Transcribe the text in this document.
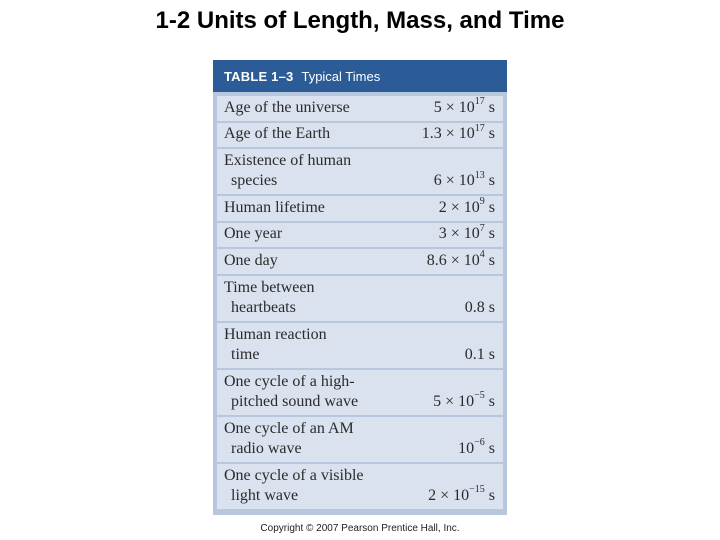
1-2 Units of Length, Mass, and Time
TABLE 1–3 Typical Times
Age of the universe	$5 \times 10^{17}$ s
Age of the Earth	$1.3 \times 10^{17}$ s
Existence of human
species	$6 \times 10^{13}$ s
Human lifetime	$2 \times 10^9$ s
One year	$3 \times 10^7$ s
One day	$8.6 \times 10^4$ s
Time between
heartbeats	0.8 s
Human reaction
time	0.1 s
One cycle of a high-
pitched sound wave	$5 \times 10^{-5}$ s
One cycle of an AM
radio wave	$10^{-6}$ s
One cycle of a visible
light wave	$2 \times 10^{-15}$ s
Copyright © 2007 Pearson Prentice Hall, Inc.
